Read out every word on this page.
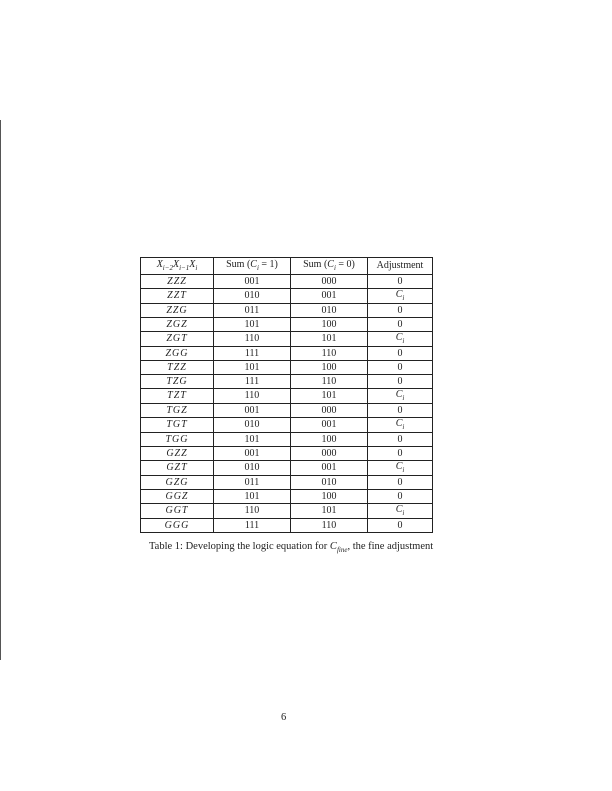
$X_{i-2}X_{i-1}X_i$	Sum $(C_i = 1)$	Sum $(C_i = 0)$	Adjustment
ZZZ	001	000	0
ZZT	010	001	$\overline{C}_i$
ZZG	011	010	0
ZGZ	101	100	0
ZGT	110	101	$C_i$
ZGG	111	110	0
TZZ	101	100	0
TZG	111	110	0
TZT	110	101	$C_i$
TGZ	001	000	0
TGT	010	001	$\overline{C}_i$
TGG	101	100	0
GZZ	001	000	0
GZT	010	001	$\overline{C}_i$
GZG	011	010	0
GGZ	101	100	0
GGT	110	101	$C_i$
GGG	111	110	0
Table 1: Developing the logic equation for $C_{fine}$, the fine adjustment
6
